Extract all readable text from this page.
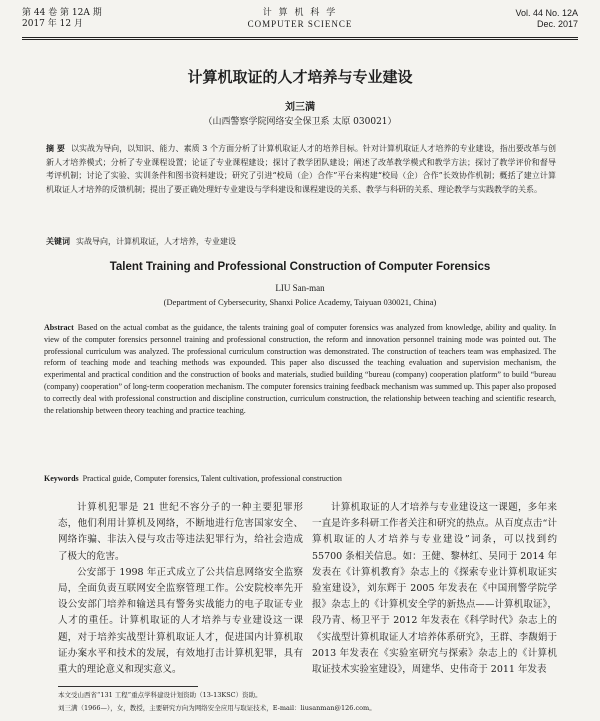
第 44 卷 第 12A 期
2017 年 12 月
计 算 机 科 学
COMPUTER SCIENCE
Vol. 44 No. 12A
Dec. 2017
计算机取证的人才培养与专业建设
刘三满
（山西警察学院网络安全保卫系 太原 030021）
摘 要 以实战为导向，以知识、能力、素质 3 个方面分析了计算机取证人才的培养目标。针对计算机取证人才培养的专业建设，指出要改革与创新人才培养模式；分析了专业课程设置；论证了专业课程建设；探讨了教学团队建设；阐述了改革教学模式和教学方法；探讨了教学评价和督导考评机制；讨论了实验、实训条件和图书资料建设；研究了引进“校局（企）合作”平台来构建“校局（企）合作”长效协作机制；概括了建立计算机取证人才培养的反馈机制；提出了要正确处理好专业建设与学科建设和课程建设的关系、教学与科研的关系、理论教学与实践教学的关系。
关键词 实战导向，计算机取证，人才培养，专业建设
Talent Training and Professional Construction of Computer Forensics
LIU San-man
(Department of Cybersecurity, Shanxi Police Academy, Taiyuan 030021, China)
Abstract Based on the actual combat as the guidance, the talents training goal of computer forensics was analyzed from knowledge, ability and quality. In view of the computer forensics personnel training and professional construction, the reform and innovation personnel training mode was pointed out. The professional curriculum was analyzed. The professional curriculum construction was demonstrated. The construction of teachers team was emphasized. The reform of teaching mode and teaching methods was expounded. This paper also discussed the teaching evaluation and supervision mechanism, the experimental and practical condition and the construction of books and materials, studied building “bureau (company) cooperation platform” to build “bureau (company) cooperation” of long-term cooperation mechanism. The computer forensics training feedback mechanism was summed up. This paper also proposed to correctly deal with professional construction and discipline construction, curriculum construction, the relationship between teaching and scientific research, the relationship between theory teaching and practice teaching.
Keywords Practical guide, Computer forensics, Talent cultivation, professional construction

计算机犯罪是 21 世纪不容分子的一种主要犯罪形态，他们利用计算机及网络，不断地进行危害国家安全、网络诈骗、非法入侵与攻击等违法犯罪行为，给社会造成了极大的危害。

公安部于 1998 年正式成立了公共信息网络安全监察局，全面负责互联网安全监察管理工作。公安院校率先开设公安部门培养和输送具有警务实战能力的电子取证专业人才的重任。计算机取证的人才培养与专业建设这一课题，对于培养实战型计算机取证人才，促进国内计算机取证办案水平和技术的发展，有效地打击计算机犯罪，具有重大的理论意义和现实意义。

计算机取证的人才培养与专业建设这一课题，多年来一直是许多科研工作者关注和研究的热点。从百度点击“计算机取证的人才培养与专业建设”词条，可以找到约 55700 条相关信息。如：王健、黎林红、吴同于 2014 年发表在《计算机教育》杂志上的《探索专业计算机取证实验室建设》，刘东辉于 2005 年发表在《中国刑警学院学报》杂志上的《计算机安全学的新热点——计算机取证》，段乃青、杨卫平于 2012 年发表在《科学时代》杂志上的《实战型计算机取证人才培养体系研究》，王群、李馥娟于 2013 年发表在《实验室研究与探索》杂志上的《计算机取证技术实验室建设》，周建华、史伟奇于 2011 年发表

本文受山西省“131 工程”重点学科建设计划资助（13-13KSC）资助。
刘三满（1966—），女，教授，主要研究方向为网络安全应用与取证技术，E-mail：liusanman@126.com。
